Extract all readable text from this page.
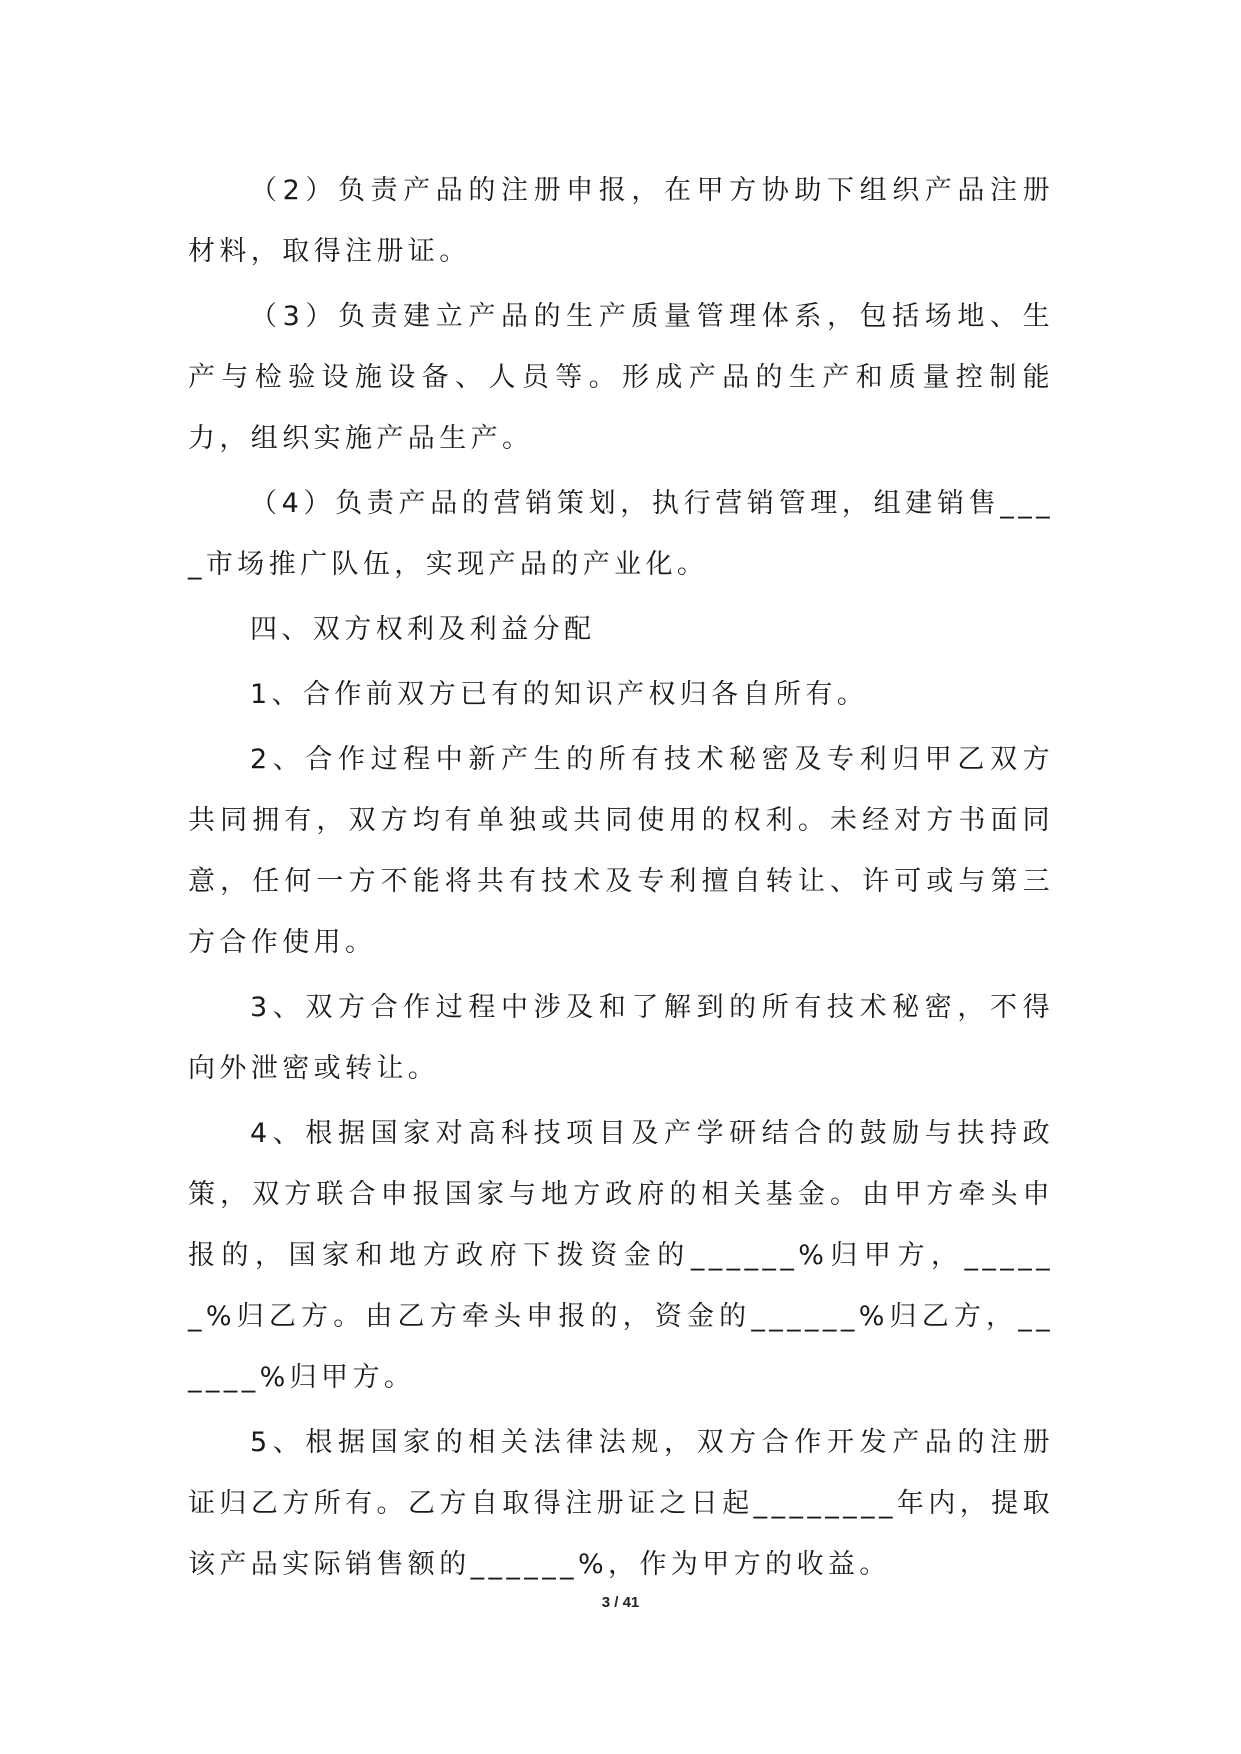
（2）负责产品的注册申报，在甲方协助下组织产品注册材料，取得注册证。

（3）负责建立产品的生产质量管理体系，包括场地、生产与检验设施设备、人员等。形成产品的生产和质量控制能力，组织实施产品生产。

（4）负责产品的营销策划，执行营销管理，组建销售____市场推广队伍，实现产品的产业化。

四、双方权利及利益分配

1、合作前双方已有的知识产权归各自所有。

2、合作过程中新产生的所有技术秘密及专利归甲乙双方共同拥有，双方均有单独或共同使用的权利。未经对方书面同意，任何一方不能将共有技术及专利擅自转让、许可或与第三方合作使用。

3、双方合作过程中涉及和了解到的所有技术秘密，不得向外泄密或转让。

4、根据国家对高科技项目及产学研结合的鼓励与扶持政策，双方联合申报国家与地方政府的相关基金。由甲方牵头申报的，国家和地方政府下拨资金的______%归甲方，______%归乙方。由乙方牵头申报的，资金的______%归乙方，______%归甲方。

5、根据国家的相关法律法规，双方合作开发产品的注册证归乙方所有。乙方自取得注册证之日起________年内，提取该产品实际销售额的______%，作为甲方的收益。

3 / 41
